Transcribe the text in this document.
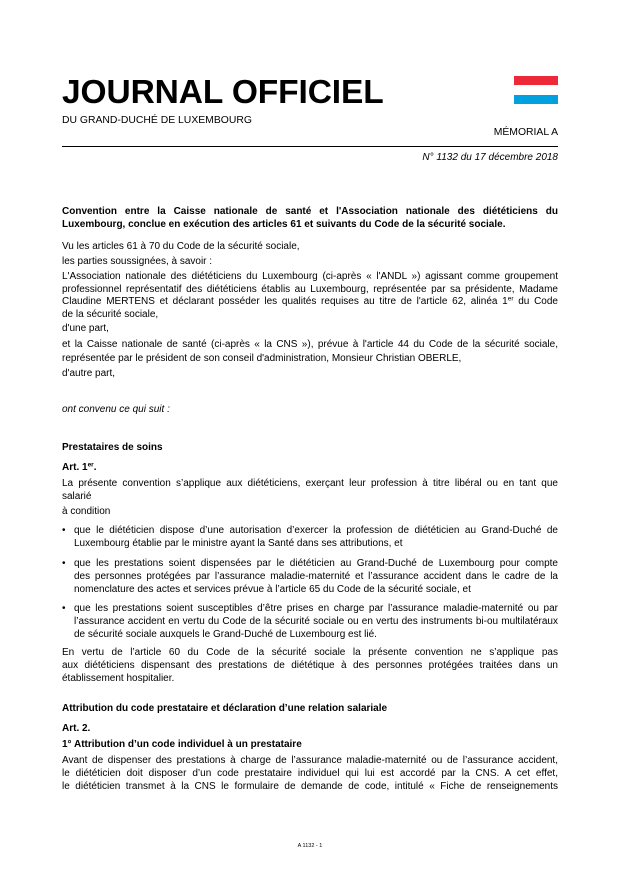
JOURNAL OFFICIEL
DU GRAND-DUCHÉ DE LUXEMBOURG
MÉMORIAL A
N° 1132 du 17 décembre 2018
Convention entre la Caisse nationale de santé et l'Association nationale des diététiciens du
Luxembourg, conclue en exécution des articles 61 et suivants du Code de la sécurité sociale.
Vu les articles 61 à 70 du Code de la sécurité sociale,
les parties soussignées, à savoir :
L'Association nationale des diététiciens du Luxembourg (ci-après « l'ANDL ») agissant comme groupement
professionnel représentatif des diététiciens établis au Luxembourg, représentée par sa présidente, Madame
Claudine MERTENS et déclarant posséder les qualités requises au titre de l'article 62, alinéa 1er du Code
de la sécurité sociale,
d'une part,
et la Caisse nationale de santé (ci-après « la CNS »), prévue à l'article 44 du Code de la sécurité sociale,
représentée par le président de son conseil d'administration, Monsieur Christian OBERLE,
d'autre part,
ont convenu ce qui suit :
Prestataires de soins
Art. 1er.
La présente convention s’applique aux diététiciens, exerçant leur profession à titre libéral ou en tant que
salarié
à condition
• que le diététicien dispose d’une autorisation d’exercer la profession de diététicien au Grand-Duché de
Luxembourg établie par le ministre ayant la Santé dans ses attributions, et
• que les prestations soient dispensées par le diététicien au Grand-Duché de Luxembourg pour compte
des personnes protégées par l’assurance maladie-maternité et l’assurance accident dans le cadre de la
nomenclature des actes et services prévue à l’article 65 du Code de la sécurité sociale, et
• que les prestations soient susceptibles d’être prises en charge par l’assurance maladie-maternité ou par
l’assurance accident en vertu du Code de la sécurité sociale ou en vertu des instruments bi-ou multilatéraux
de sécurité sociale auxquels le Grand-Duché de Luxembourg est lié.
En vertu de l’article 60 du Code de la sécurité sociale la présente convention ne s’applique pas
aux diététiciens dispensant des prestations de diététique à des personnes protégées traitées dans un
établissement hospitalier.
Attribution du code prestataire et déclaration d’une relation salariale
Art. 2.
1° Attribution d’un code individuel à un prestataire
Avant de dispenser des prestations à charge de l’assurance maladie-maternité ou de l’assurance accident,
le diététicien doit disposer d’un code prestataire individuel qui lui est accordé par la CNS. A cet effet,
le diététicien transmet à la CNS le formulaire de demande de code, intitulé « Fiche de renseignements
A 1132 - 1
